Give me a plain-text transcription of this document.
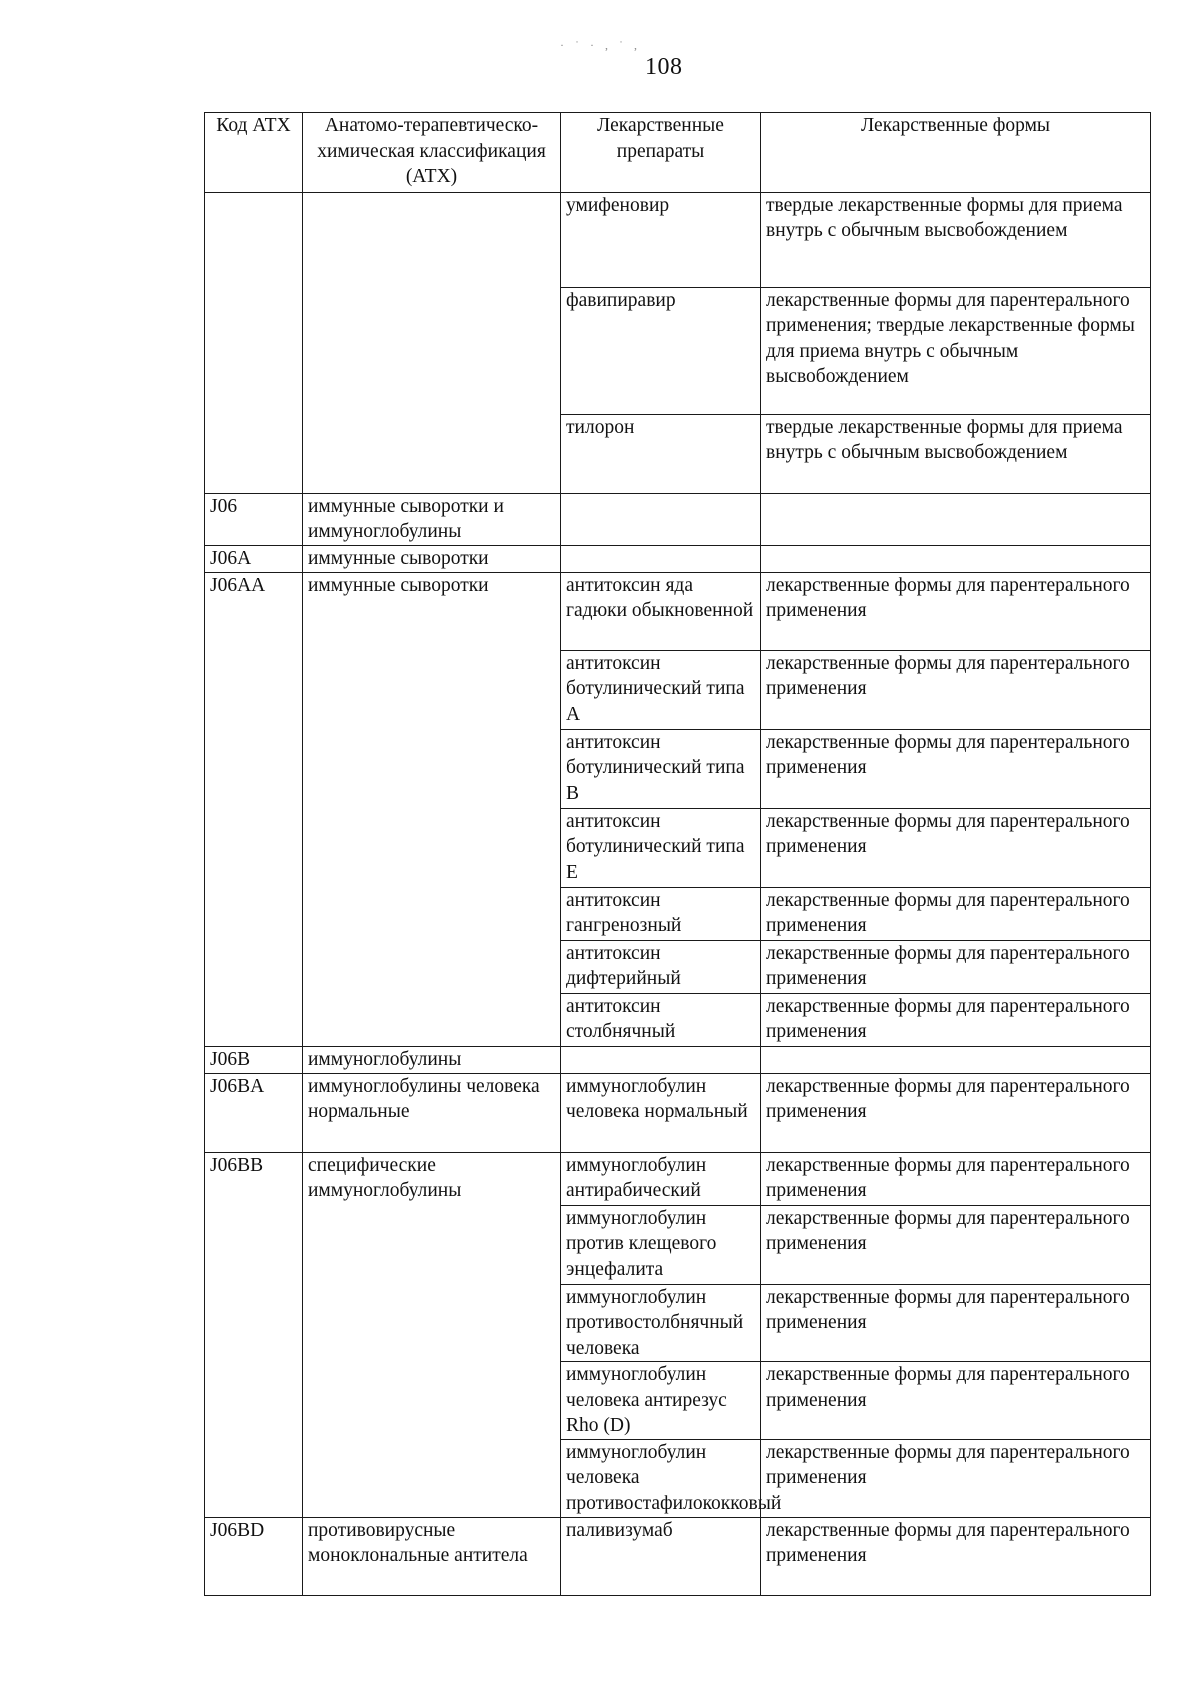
· ˙ · , ˙ ,
108
Код АТХ	Анатомо-терапевтическо-химическая классификация (АТХ)	Лекарственные препараты	Лекарственные формы
		умифеновир	твердые лекарственные формы для приема внутрь с обычным высвобождением
		фавипиравир	лекарственные формы для парентерального применения; твердые лекарственные формы для приема внутрь с обычным высвобождением
		тилорон	твердые лекарственные формы для приема внутрь с обычным высвобождением
J06	иммунные сыворотки и иммуноглобулины		
J06A	иммунные сыворотки		
J06AA	иммунные сыворотки	антитоксин яда гадюки обыкновенной	лекарственные формы для парентерального применения
		антитоксин ботулинический типа А	лекарственные формы для парентерального применения
		антитоксин ботулинический типа В	лекарственные формы для парентерального применения
		антитоксин ботулинический типа Е	лекарственные формы для парентерального применения
		антитоксин гангренозный	лекарственные формы для парентерального применения
		антитоксин дифтерийный	лекарственные формы для парентерального применения
		антитоксин столбнячный	лекарственные формы для парентерального применения
J06B	иммуноглобулины		
J06BA	иммуноглобулины человека нормальные	иммуноглобулин человека нормальный	лекарственные формы для парентерального применения
J06BB	специфические иммуноглобулины	иммуноглобулин антирабический	лекарственные формы для парентерального применения
		иммуноглобулин против клещевого энцефалита	лекарственные формы для парентерального применения
		иммуноглобулин противостолбнячный человека	лекарственные формы для парентерального применения
		иммуноглобулин человека антирезус Rho (D)	лекарственные формы для парентерального применения
		иммуноглобулин человека противостафилококковый	лекарственные формы для парентерального применения
J06BD	противовирусные моноклональные антитела	паливизумаб	лекарственные формы для парентерального применения
